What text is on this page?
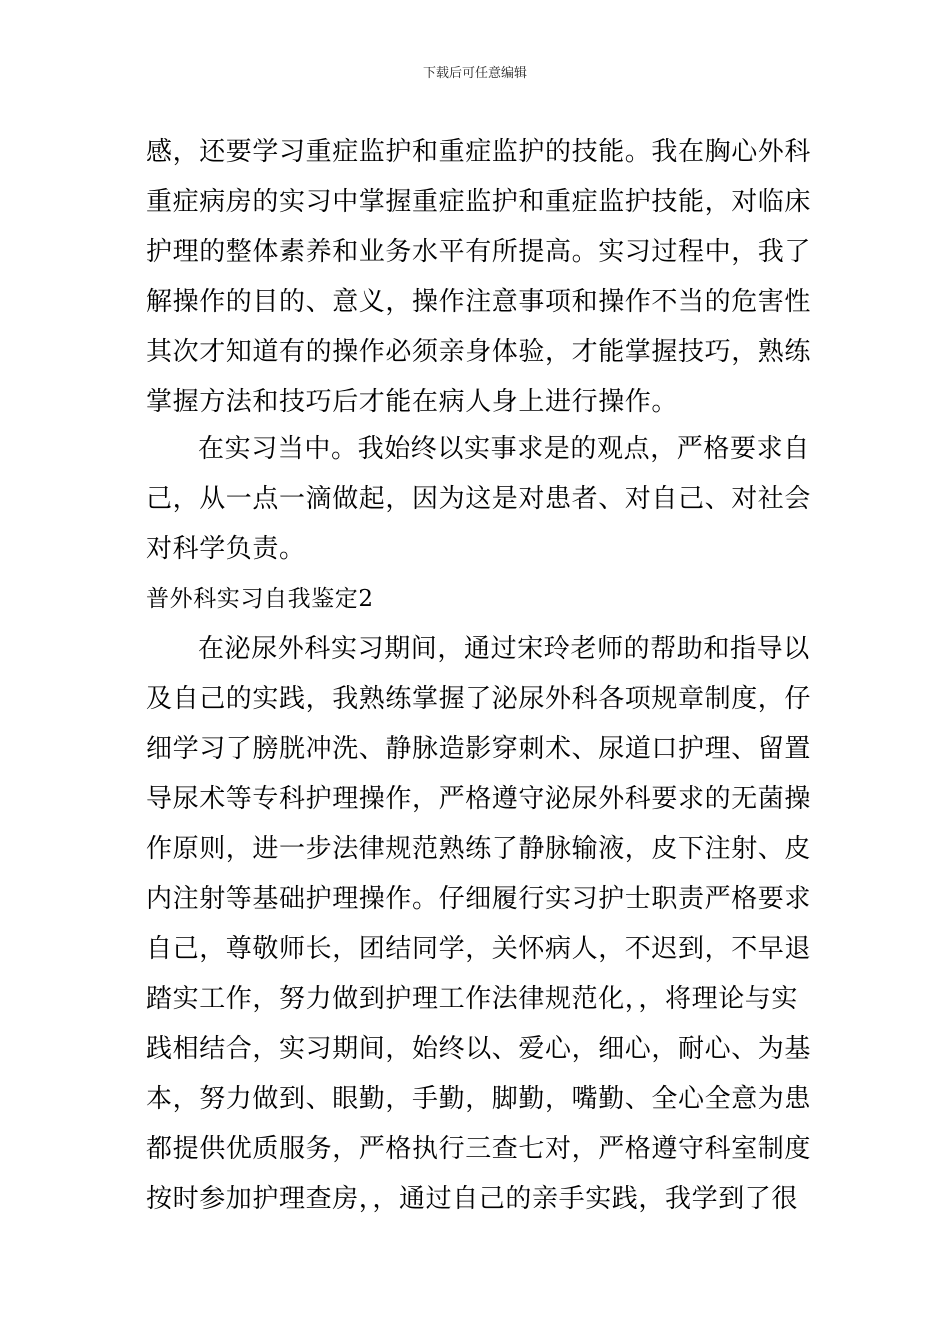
下载后可任意编辑
感，还要学习重症监护和重症监护的技能。我在胸心外科
重症病房的实习中掌握重症监护和重症监护技能，对临床
护理的整体素养和业务水平有所提高。实习过程中，我了
解操作的目的、意义，操作注意事项和操作不当的危害性
其次才知道有的操作必须亲身体验，才能掌握技巧，熟练
掌握方法和技巧后才能在病人身上进行操作。
在实习当中。我始终以实事求是的观点，严格要求自
己，从一点一滴做起，因为这是对患者、对自己、对社会
对科学负责。
普外科实习自我鉴定2
在泌尿外科实习期间，通过宋玲老师的帮助和指导以
及自己的实践，我熟练掌握了泌尿外科各项规章制度，仔
细学习了膀胱冲洗、静脉造影穿刺术、尿道口护理、留置
导尿术等专科护理操作，严格遵守泌尿外科要求的无菌操
作原则，进一步法律规范熟练了静脉输液，皮下注射、皮
内注射等基础护理操作。仔细履行实习护士职责严格要求
自己，尊敬师长，团结同学，关怀病人，不迟到，不早退
踏实工作，努力做到护理工作法律规范化，，将理论与实
践相结合，实习期间，始终以、爱心，细心，耐心、为基
本，努力做到、眼勤，手勤，脚勤，嘴勤、全心全意为患
都提供优质服务，严格执行三查七对，严格遵守科室制度
按时参加护理查房，，通过自己的亲手实践，我学到了很
